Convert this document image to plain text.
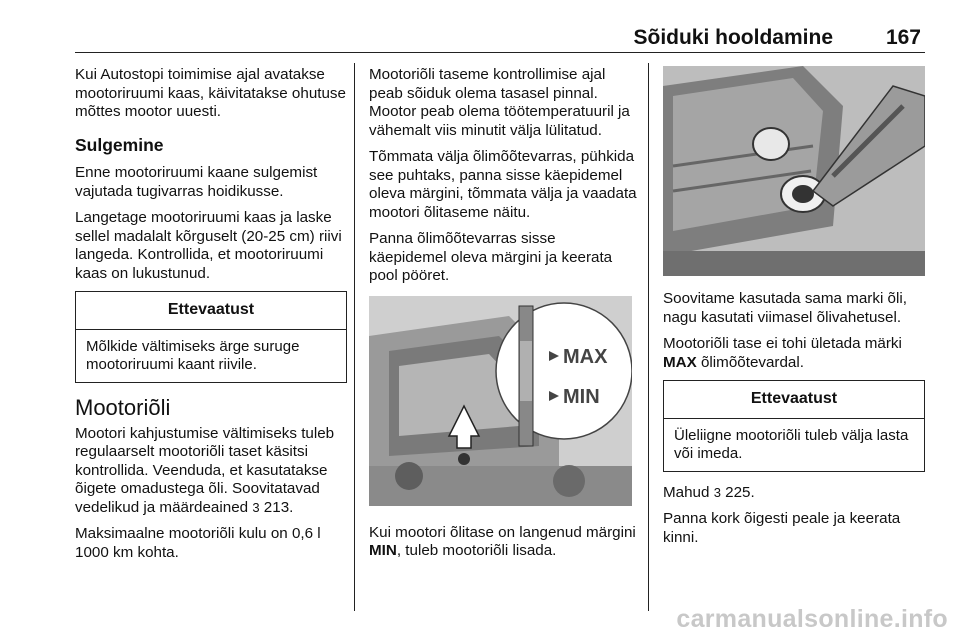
Sõiduki hooldamine	167

Kui Autostopi toimimise ajal avatakse mootoriruumi kaas, käivitatakse ohutuse mõttes mootor uuesti.

Sulgemine

Enne mootoriruumi kaane sulgemist vajutada tugivarras hoidikusse.

Langetage mootoriruumi kaas ja laske sellel madalalt kõrguselt (20-25 cm) riivi langeda. Kontrollida, et mootoriruumi kaas on lukustunud.

Ettevaatust
Mõlkide vältimiseks ärge suruge mootoriruumi kaant riivile.
Mootoriõli

Mootori kahjustumise vältimiseks tuleb regulaarselt mootoriõli taset käsitsi kontrollida. Veenduda, et kasutatakse õigete omadustega õli. Soovitatavad vedelikud ja määrdeained 3 213.

Maksimaalne mootoriõli kulu on 0,6 l 1000 km kohta.

Mootoriõli taseme kontrollimise ajal peab sõiduk olema tasasel pinnal. Mootor peab olema töötemperatuuril ja vähemalt viis minutit välja lülitatud.

Tõmmata välja õlimõõtevarras, pühkida see puhtaks, panna sisse käepidemel oleva märgini, tõmmata välja ja vaadata mootori õlitaseme näitu.

Panna õlimõõtevarras sisse käepidemel oleva märgini ja keerata pool pööret.

MAX
MIN

Kui mootori õlitase on langenud märgini MIN, tuleb mootoriõli lisada.

Soovitame kasutada sama marki õli, nagu kasutati viimasel õlivahetusel.

Mootoriõli tase ei tohi ületada märki MAX õlimõõtevardal.

Ettevaatust
Üleliigne mootoriõli tuleb välja lasta või imeda.

Mahud 3 225.

Panna kork õigesti peale ja keerata kinni.

carmanualsonline.info
